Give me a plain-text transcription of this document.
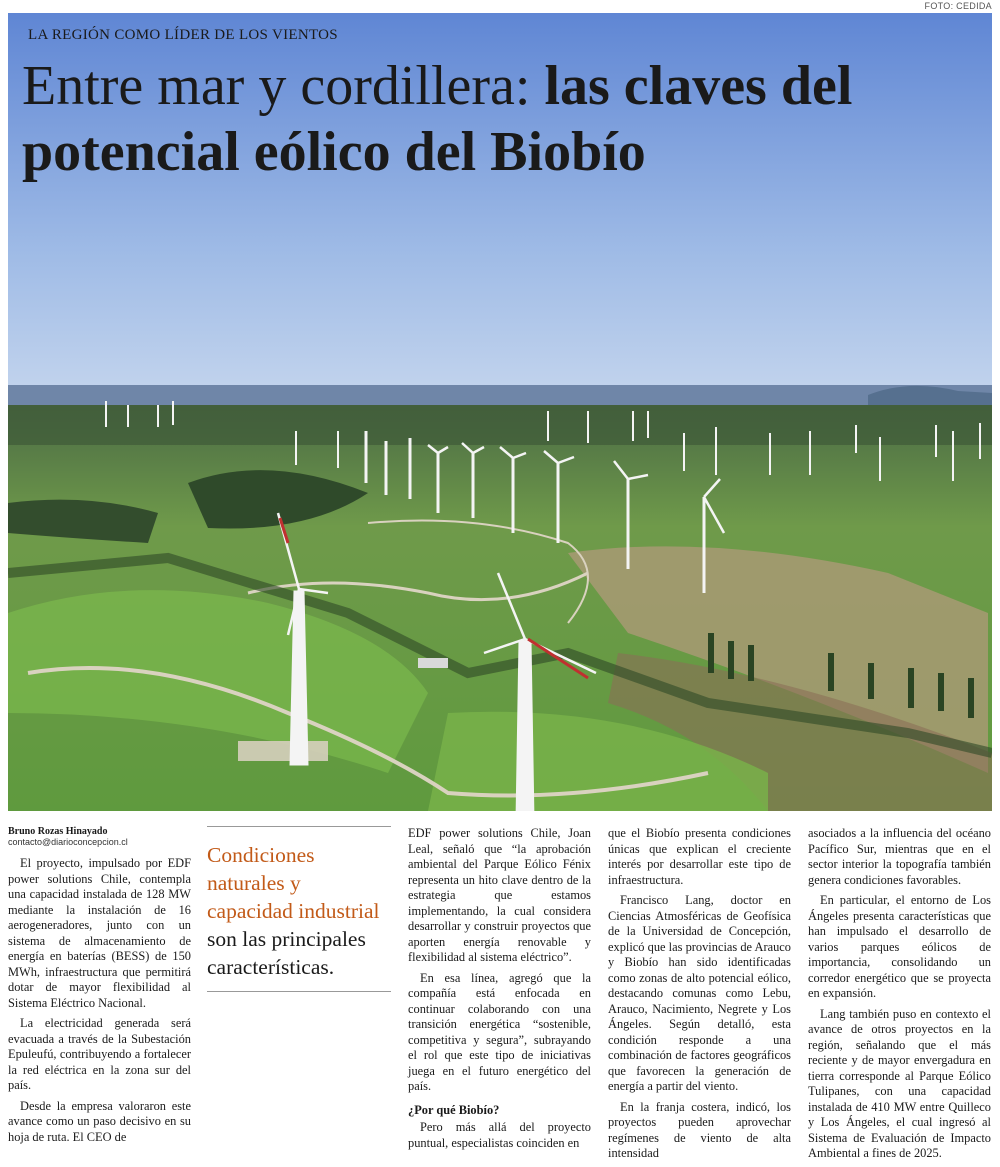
FOTO: CEDIDA
LA REGIÓN COMO LÍDER DE LOS VIENTOS
Entre mar y cordillera: las claves del potencial eólico del Biobío
Bruno Rozas Hinayado
contacto@diarioconcepcion.cl

El proyecto, impulsado por EDF power solutions Chile, contempla una capacidad instalada de 128 MW mediante la instalación de 16 aerogeneradores, junto con un sistema de almacenamiento de energía en baterías (BESS) de 150 MWh, infraestructura que permitirá dotar de mayor flexibilidad al Sistema Eléctrico Nacional.

La electricidad generada será evacuada a través de la Subestación Epuleufú, contribuyendo a fortalecer la red eléctrica en la zona sur del país.

Desde la empresa valoraron este avance como un paso decisivo en su hoja de ruta. El CEO de

Condiciones naturales y capacidad industrial son las principales características.

EDF power solutions Chile, Joan Leal, señaló que “la aprobación ambiental del Parque Eólico Fénix representa un hito clave dentro de la estrategia que estamos implementando, la cual considera desarrollar y construir proyectos que aporten energía renovable y flexibilidad al sistema eléctrico”.

En esa línea, agregó que la compañía está enfocada en continuar colaborando con una transición energética “sostenible, competitiva y segura”, subrayando el rol que este tipo de iniciativas juega en el futuro energético del país.

¿Por qué Biobío?

Pero más allá del proyecto puntual, especialistas coinciden en

que el Biobío presenta condiciones únicas que explican el creciente interés por desarrollar este tipo de infraestructura.

Francisco Lang, doctor en Ciencias Atmosféricas de Geofísica de la Universidad de Concepción, explicó que las provincias de Arauco y Biobío han sido identificadas como zonas de alto potencial eólico, destacando comunas como Lebu, Arauco, Nacimiento, Negrete y Los Ángeles. Según detalló, esta condición responde a una combinación de factores geográficos que favorecen la generación de energía a partir del viento.

En la franja costera, indicó, los proyectos pueden aprovechar regímenes de viento de alta intensidad

asociados a la influencia del océano Pacífico Sur, mientras que en el sector interior la topografía también genera condiciones favorables.

En particular, el entorno de Los Ángeles presenta características que han impulsado el desarrollo de varios parques eólicos de importancia, consolidando un corredor energético que se proyecta en expansión.

Lang también puso en contexto el avance de otros proyectos en la región, señalando que el más reciente y de mayor envergadura en tierra corresponde al Parque Eólico Tulipanes, con una capacidad instalada de 410 MW entre Quilleco y Los Ángeles, el cual ingresó al Sistema de Evaluación de Impacto Ambiental a fines de 2025.
